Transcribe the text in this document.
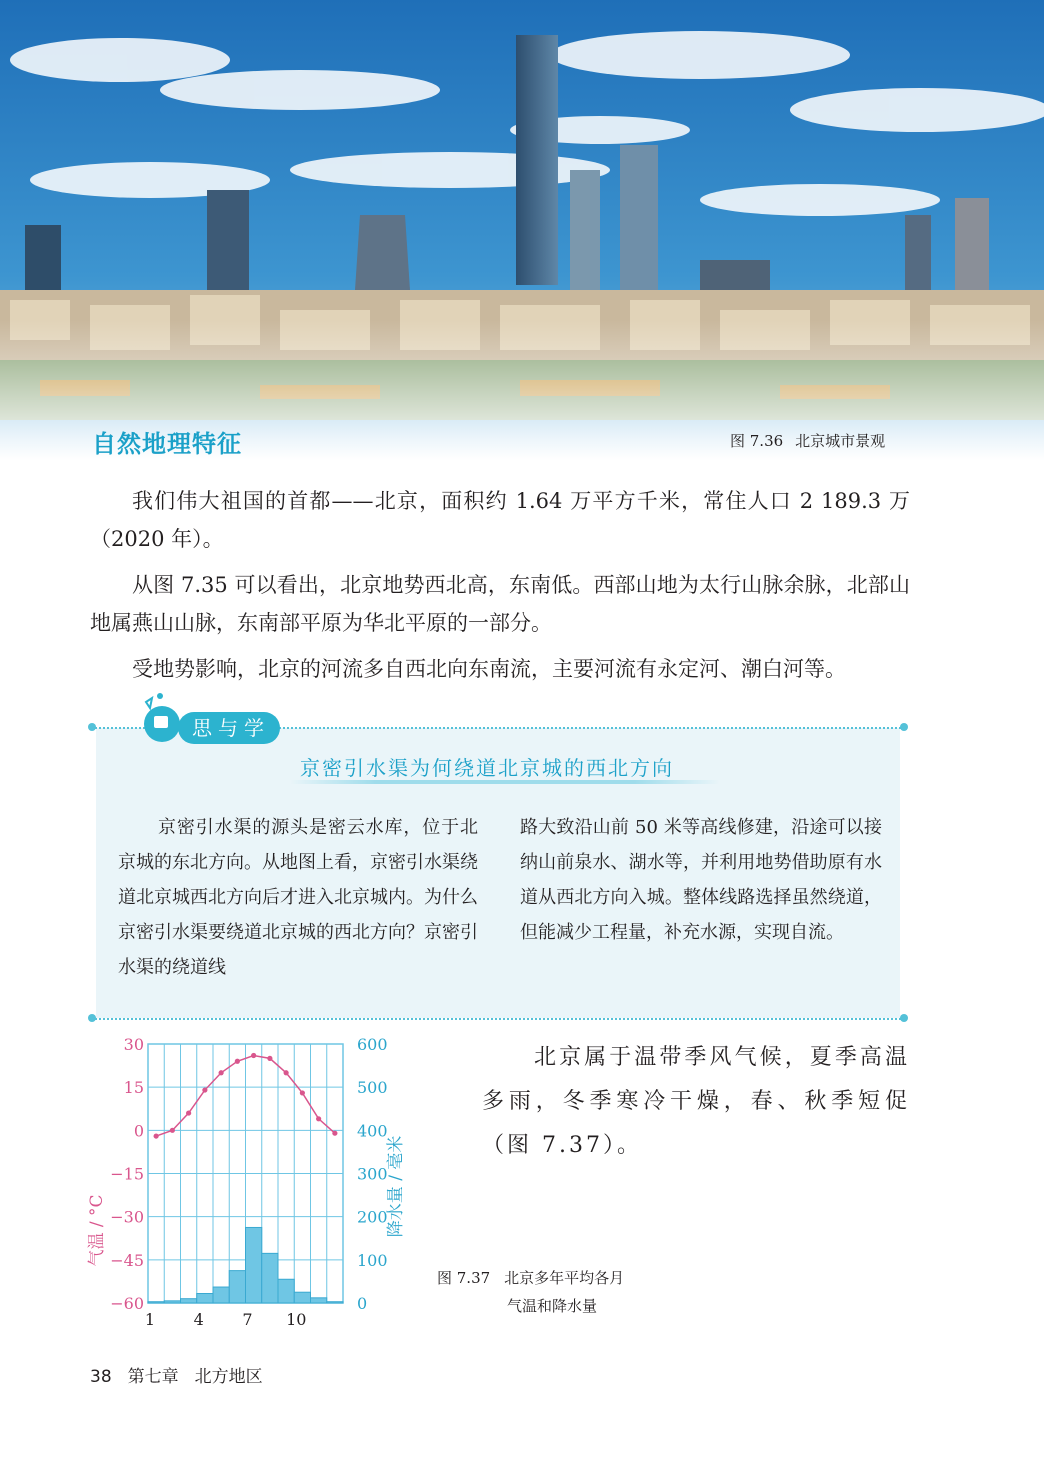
自然地理特征	图 7.36 北京城市景观

我们伟大祖国的首都——北京，面积约 1.64 万平方千米，常住人口 2 189.3 万（2020 年）。

从图 7.35 可以看出，北京地势西北高，东南低。西部山地为太行山脉余脉，北部山地属燕山山脉，东南部平原为华北平原的一部分。

受地势影响，北京的河流多自西北向东南流，主要河流有永定河、潮白河等。

思与学
京密引水渠为何绕道北京城的西北方向

京密引水渠的源头是密云水库，位于北京城的东北方向。从地图上看，京密引水渠绕道北京城西北方向后才进入北京城内。为什么京密引水渠要绕道北京城的西北方向？京密引水渠的绕道线

路大致沿山前 50 米等高线修建，沿途可以接纳山前泉水、湖水等，并利用地势借助原有水道从西北方向入城。整体线路选择虽然绕道，但能减少工程量，补充水源，实现自流。

30
15
0
−15
−30
−45
−60
600
500
400
300
200
100
0
1 4 7 10
气温 / °C	降水量 / 毫米

北京属于温带季风气候，夏季高温多雨，冬季寒冷干燥，春、秋季短促（图 7.37）。

图 7.37 北京多年平均各月
气温和降水量
38 第七章 北方地区
